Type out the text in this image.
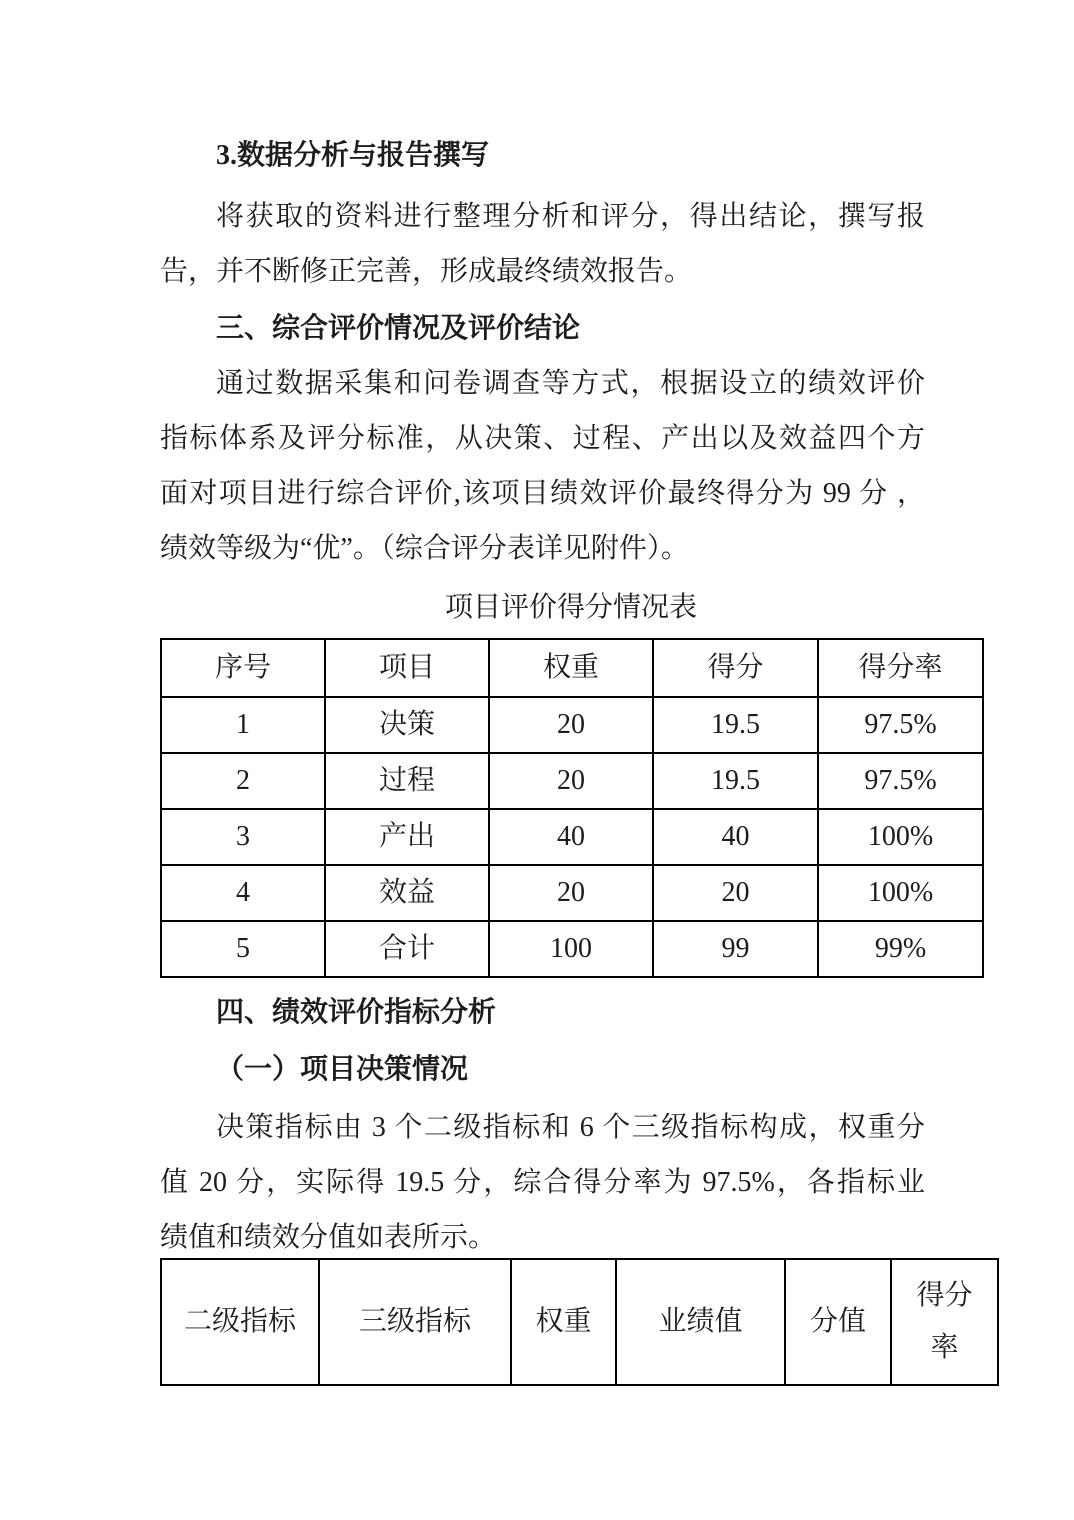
3.数据分析与报告撰写
将获取的资料进行整理分析和评分，得出结论，撰写报
告，并不断修正完善，形成最终绩效报告。
三、综合评价情况及评价结论
通过数据采集和问卷调查等方式，根据设立的绩效评价
指标体系及评分标准，从决策、过程、产出以及效益四个方
面对项目进行综合评价,该项目绩效评价最终得分为 99 分 ，
绩效等级为“优”。（综合评分表详见附件）。
项目评价得分情况表
序号	项目	权重	得分	得分率
1	决策	20	19.5	97.5%
2	过程	20	19.5	97.5%
3	产出	40	40	100%
4	效益	20	20	100%
5	合计	100	99	99%
四、绩效评价指标分析
（一）项目决策情况
决策指标由 3 个二级指标和 6 个三级指标构成，权重分
值 20 分，实际得 19.5 分，综合得分率为 97.5%，各指标业
绩值和绩效分值如表所示。
二级指标	三级指标	权重	业绩值	分值	得分率
